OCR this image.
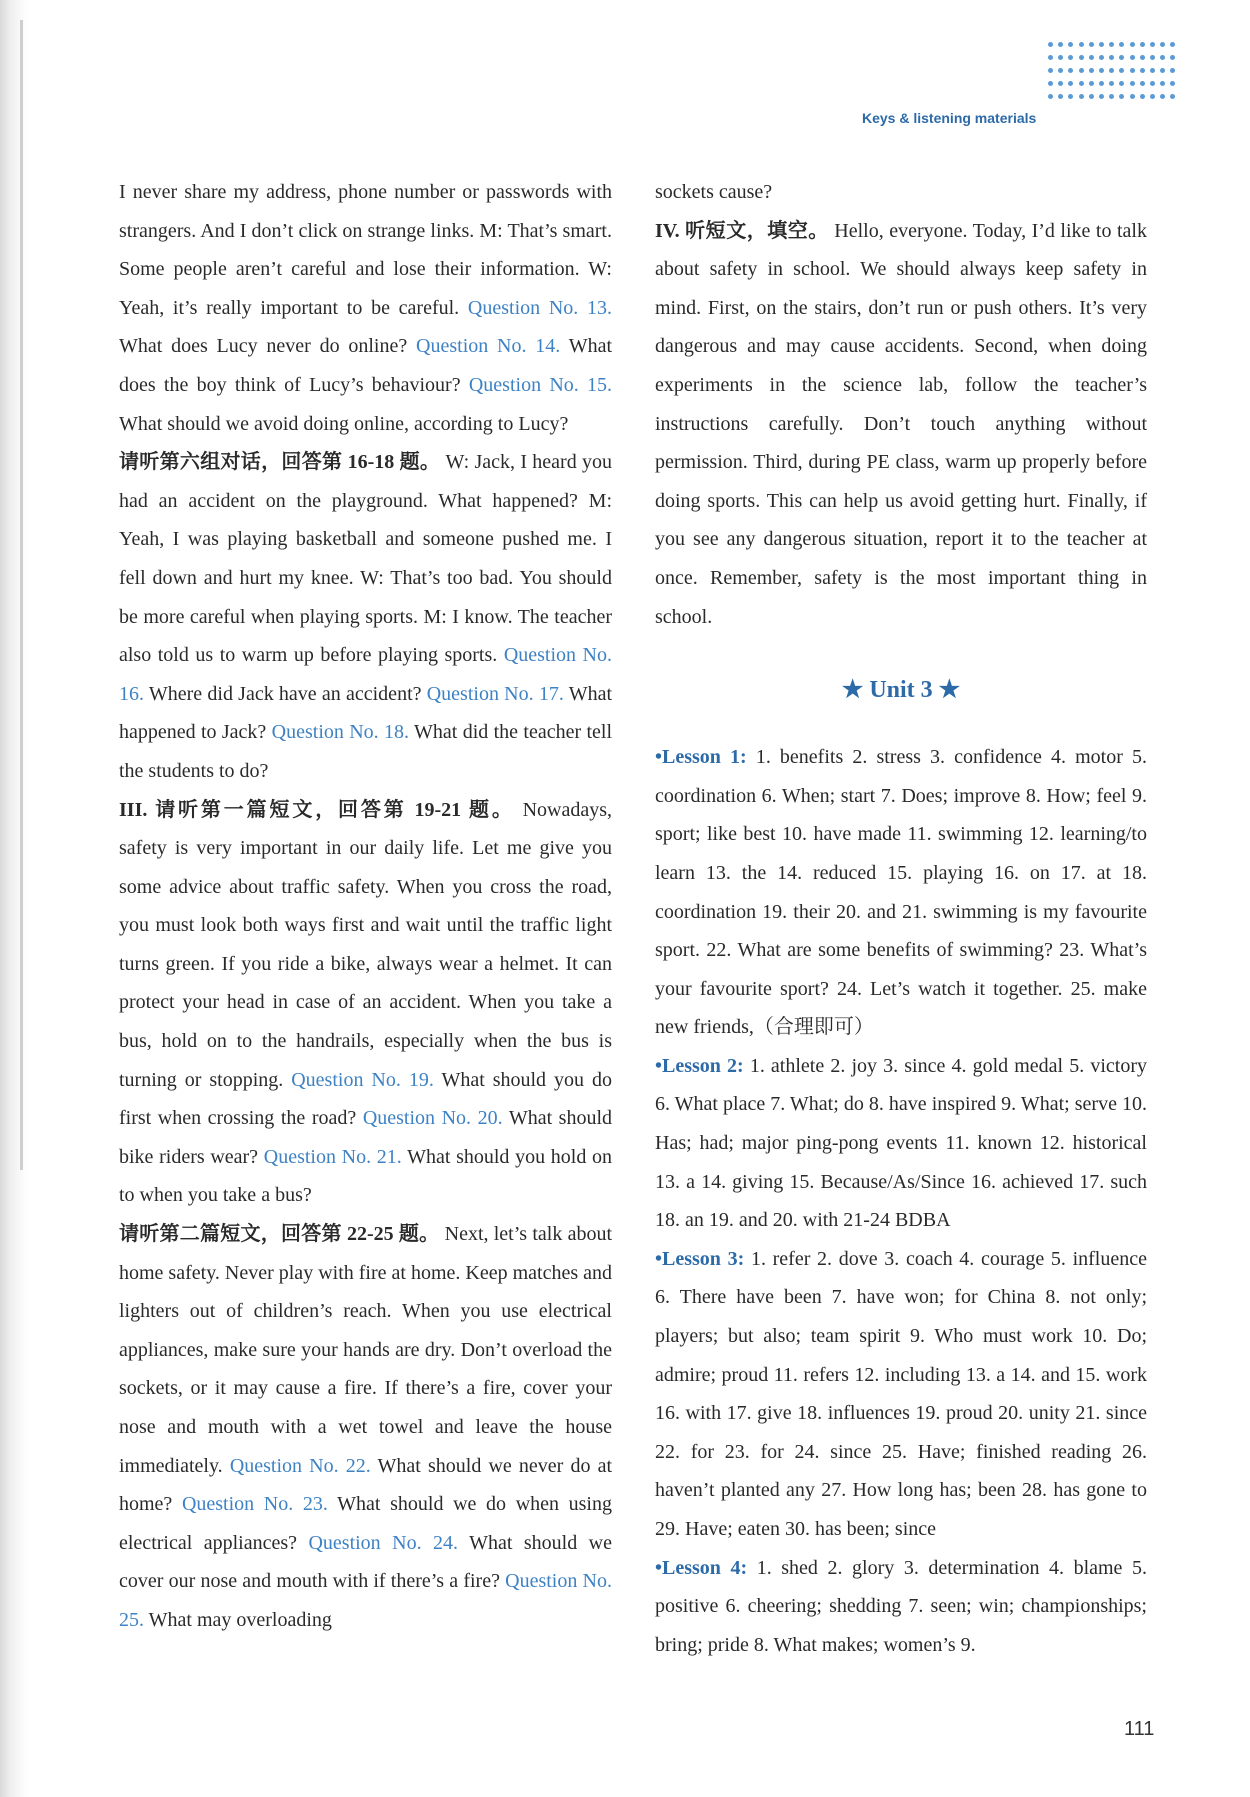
Keys & listening materials

I never share my address, phone number or passwords with strangers. And I don’t click on strange links. M: That’s smart. Some people aren’t careful and lose their information. W: Yeah, it’s really important to be careful. Question No. 13. What does Lucy never do online? Question No. 14. What does the boy think of Lucy’s behaviour? Question No. 15. What should we avoid doing online, according to Lucy?

请听第六组对话，回答第 16-18 题。 W: Jack, I heard you had an accident on the playground. What happened? M: Yeah, I was playing basketball and someone pushed me. I fell down and hurt my knee. W: That’s too bad. You should be more careful when playing sports. M: I know. The teacher also told us to warm up before playing sports. Question No. 16. Where did Jack have an accident? Question No. 17. What happened to Jack? Question No. 18. What did the teacher tell the students to do?

III. 请听第一篇短文，回答第 19-21 题。 Nowadays, safety is very important in our daily life. Let me give you some advice about traffic safety. When you cross the road, you must look both ways first and wait until the traffic light turns green. If you ride a bike, always wear a helmet. It can protect your head in case of an accident. When you take a bus, hold on to the handrails, especially when the bus is turning or stopping. Question No. 19. What should you do first when crossing the road? Question No. 20. What should bike riders wear? Question No. 21. What should you hold on to when you take a bus?

请听第二篇短文，回答第 22-25 题。 Next, let’s talk about home safety. Never play with fire at home. Keep matches and lighters out of children’s reach. When you use electrical appliances, make sure your hands are dry. Don’t overload the sockets, or it may cause a fire. If there’s a fire, cover your nose and mouth with a wet towel and leave the house immediately. Question No. 22. What should we never do at home? Question No. 23. What should we do when using electrical appliances? Question No. 24. What should we cover our nose and mouth with if there’s a fire? Question No. 25. What may overloading

sockets cause?

IV. 听短文，填空。 Hello, everyone. Today, I’d like to talk about safety in school. We should always keep safety in mind. First, on the stairs, don’t run or push others. It’s very dangerous and may cause accidents. Second, when doing experiments in the science lab, follow the teacher’s instructions carefully. Don’t touch anything without permission. Third, during PE class, warm up properly before doing sports. This can help us avoid getting hurt. Finally, if you see any dangerous situation, report it to the teacher at once. Remember, safety is the most important thing in school.

★ Unit 3 ★

•Lesson 1: 1. benefits 2. stress 3. confidence 4. motor 5. coordination 6. When; start 7. Does; improve 8. How; feel 9. sport; like best 10. have made 11. swimming 12. learning/to learn 13. the 14. reduced 15. playing 16. on 17. at 18. coordination 19. their 20. and 21. swimming is my favourite sport. 22. What are some benefits of swimming? 23. What’s your favourite sport? 24. Let’s watch it together. 25. make new friends,（合理即可）

•Lesson 2: 1. athlete 2. joy 3. since 4. gold medal 5. victory 6. What place 7. What; do 8. have inspired 9. What; serve 10. Has; had; major ping-pong events 11. known 12. historical 13. a 14. giving 15. Because/As/Since 16. achieved 17. such 18. an 19. and 20. with 21-24 BDBA

•Lesson 3: 1. refer 2. dove 3. coach 4. courage 5. influence 6. There have been 7. have won; for China 8. not only; players; but also; team spirit 9. Who must work 10. Do; admire; proud 11. refers 12. including 13. a 14. and 15. work 16. with 17. give 18. influences 19. proud 20. unity 21. since 22. for 23. for 24. since 25. Have; finished reading 26. haven’t planted any 27. How long has; been 28. has gone to 29. Have; eaten 30. has been; since

•Lesson 4: 1. shed 2. glory 3. determination 4. blame 5. positive 6. cheering; shedding 7. seen; win; championships; bring; pride 8. What makes; women’s 9.

111
